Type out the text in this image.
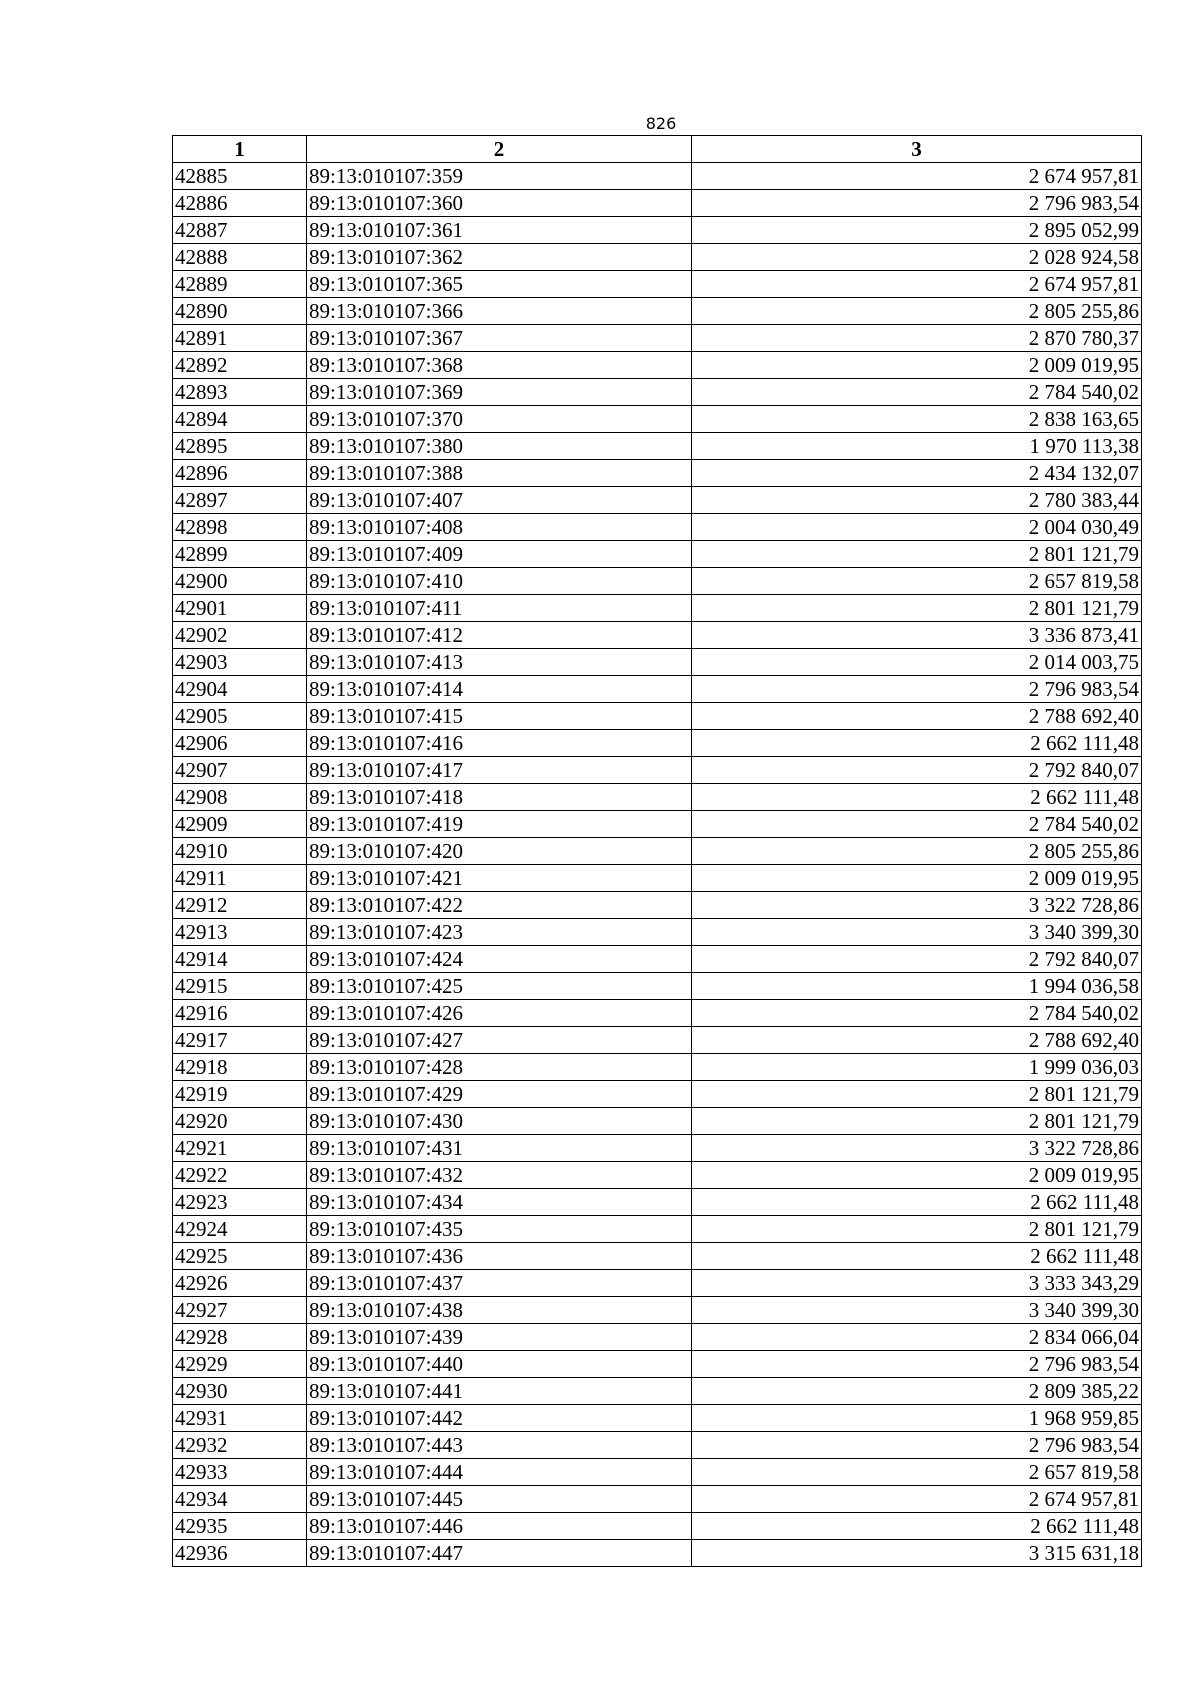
826
1	2	3
42885	89:13:010107:359	2 674 957,81
42886	89:13:010107:360	2 796 983,54
42887	89:13:010107:361	2 895 052,99
42888	89:13:010107:362	2 028 924,58
42889	89:13:010107:365	2 674 957,81
42890	89:13:010107:366	2 805 255,86
42891	89:13:010107:367	2 870 780,37
42892	89:13:010107:368	2 009 019,95
42893	89:13:010107:369	2 784 540,02
42894	89:13:010107:370	2 838 163,65
42895	89:13:010107:380	1 970 113,38
42896	89:13:010107:388	2 434 132,07
42897	89:13:010107:407	2 780 383,44
42898	89:13:010107:408	2 004 030,49
42899	89:13:010107:409	2 801 121,79
42900	89:13:010107:410	2 657 819,58
42901	89:13:010107:411	2 801 121,79
42902	89:13:010107:412	3 336 873,41
42903	89:13:010107:413	2 014 003,75
42904	89:13:010107:414	2 796 983,54
42905	89:13:010107:415	2 788 692,40
42906	89:13:010107:416	2 662 111,48
42907	89:13:010107:417	2 792 840,07
42908	89:13:010107:418	2 662 111,48
42909	89:13:010107:419	2 784 540,02
42910	89:13:010107:420	2 805 255,86
42911	89:13:010107:421	2 009 019,95
42912	89:13:010107:422	3 322 728,86
42913	89:13:010107:423	3 340 399,30
42914	89:13:010107:424	2 792 840,07
42915	89:13:010107:425	1 994 036,58
42916	89:13:010107:426	2 784 540,02
42917	89:13:010107:427	2 788 692,40
42918	89:13:010107:428	1 999 036,03
42919	89:13:010107:429	2 801 121,79
42920	89:13:010107:430	2 801 121,79
42921	89:13:010107:431	3 322 728,86
42922	89:13:010107:432	2 009 019,95
42923	89:13:010107:434	2 662 111,48
42924	89:13:010107:435	2 801 121,79
42925	89:13:010107:436	2 662 111,48
42926	89:13:010107:437	3 333 343,29
42927	89:13:010107:438	3 340 399,30
42928	89:13:010107:439	2 834 066,04
42929	89:13:010107:440	2 796 983,54
42930	89:13:010107:441	2 809 385,22
42931	89:13:010107:442	1 968 959,85
42932	89:13:010107:443	2 796 983,54
42933	89:13:010107:444	2 657 819,58
42934	89:13:010107:445	2 674 957,81
42935	89:13:010107:446	2 662 111,48
42936	89:13:010107:447	3 315 631,18
